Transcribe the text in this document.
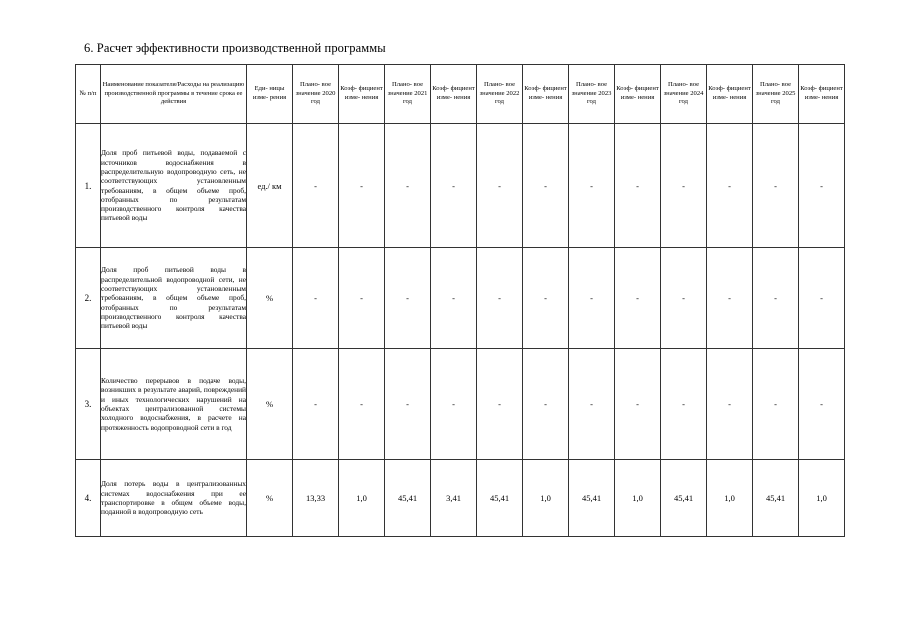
6. Расчет эффективности производственной программы
№ п/п	Наименование показателя/Расходы на реализацию производственной программы в течение срока ее действия	Еди- ницы изме- рения	Плано- вое значение 2020 год	Коэф- фициент изме- нения	Плано- вое значение 2021 год	Коэф- фициент изме- нения	Плано- вое значение 2022 год	Коэф- фициент изме- нения	Плано- вое значение 2023 год	Коэф- фициент изме- нения	Плано- вое значение 2024 год	Коэф- фициент изме- нения	Плано- вое значение 2025 год	Коэф- фициент изме- нения
1.	Доля проб питьевой воды, подаваемой с источников водоснабжения в распределительную водопроводную сеть, не соответствующих установленным требованиям, в общем объеме проб, отобранных по результатам производственного контроля качества питьевой воды	ед./ км	-	-	-	-	-	-	-	-	-	-	-	-
2.	Доля проб питьевой воды в распределительной водопроводной сети, не соответствующих установленным требованиям, в общем объеме проб, отобранных по результатам производственного контроля качества питьевой воды	%	-	-	-	-	-	-	-	-	-	-	-	-
3.	Количество перерывов в подаче воды, возникших в результате аварий, повреждений и иных технологических нарушений на объектах централизованной системы холодного водоснабжения, в расчете на протяженность водопроводной сети в год	%	-	-	-	-	-	-	-	-	-	-	-	-
4.	Доля потерь воды в централизованных системах водоснабжения при ее транспортировке в общем объеме воды, поданной в водопроводную сеть	%	13,33	1,0	45,41	3,41	45,41	1,0	45,41	1,0	45,41	1,0	45,41	1,0
